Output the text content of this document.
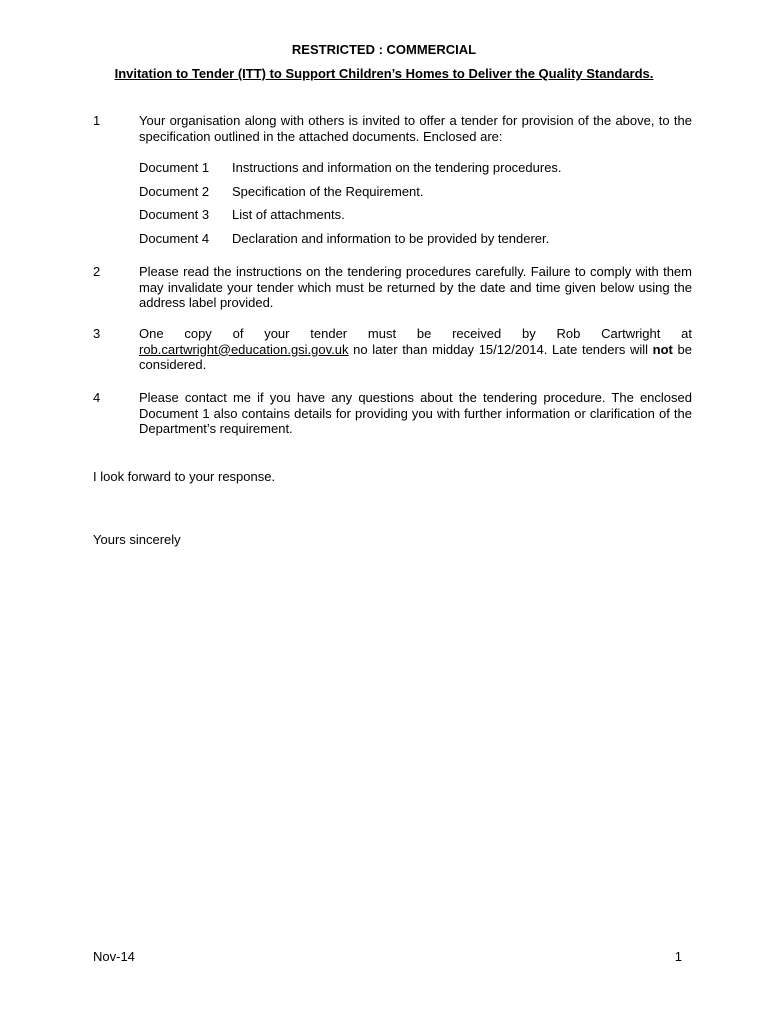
RESTRICTED : COMMERCIAL
Invitation to Tender (ITT) to Support Children’s Homes to Deliver the Quality Standards.
1	Your organisation along with others is invited to offer a tender for provision of the above, to the specification outlined in the attached documents. Enclosed are:
Document 1 Instructions and information on the tendering procedures.
Document 2 Specification of the Requirement.
Document 3 List of attachments.
Document 4 Declaration and information to be provided by tenderer.
2	Please read the instructions on the tendering procedures carefully. Failure to comply with them may invalidate your tender which must be returned by the date and time given below using the address label provided.
3	One copy of your tender must be received by Rob Cartwright at rob.cartwright@education.gsi.gov.uk no later than midday 15/12/2014. Late tenders will not be considered.
4	Please contact me if you have any questions about the tendering procedure. The enclosed Document 1 also contains details for providing you with further information or clarification of the Department’s requirement.
I look forward to your response.
Yours sincerely
Nov-14	1
